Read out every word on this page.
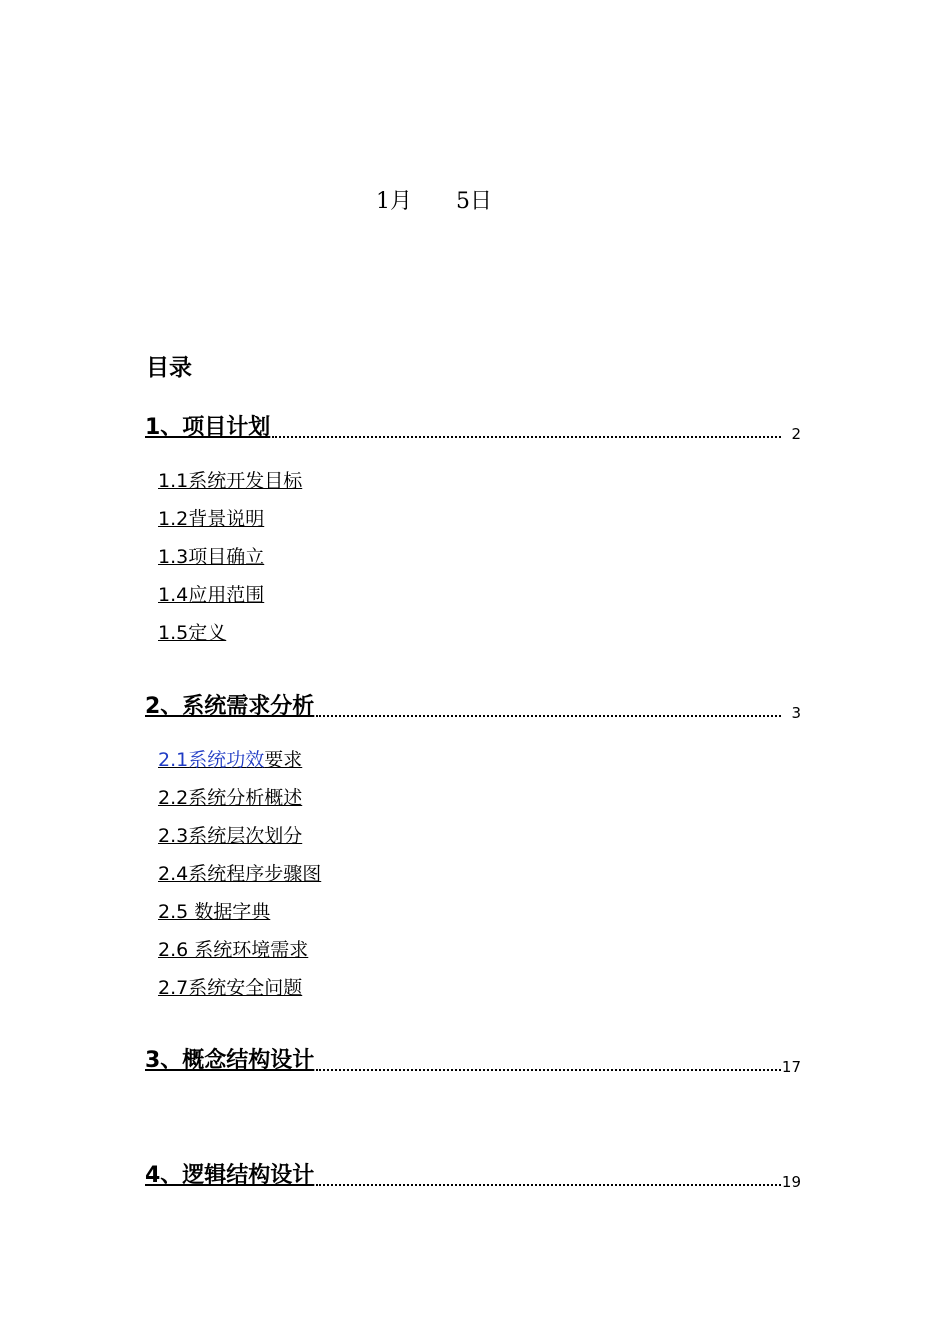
1月 5日
目录
1、项目计划	2
1.1系统开发目标
1.2背景说明
1.3项目确立
1.4应用范围
1.5定义
2、系统需求分析	3
2.1系统功效要求
2.2系统分析概述
2.3系统层次划分
2.4系统程序步骤图
2.5 数据字典
2.6 系统环境需求
2.7系统安全问题
3、概念结构设计	17
4、逻辑结构设计	19
